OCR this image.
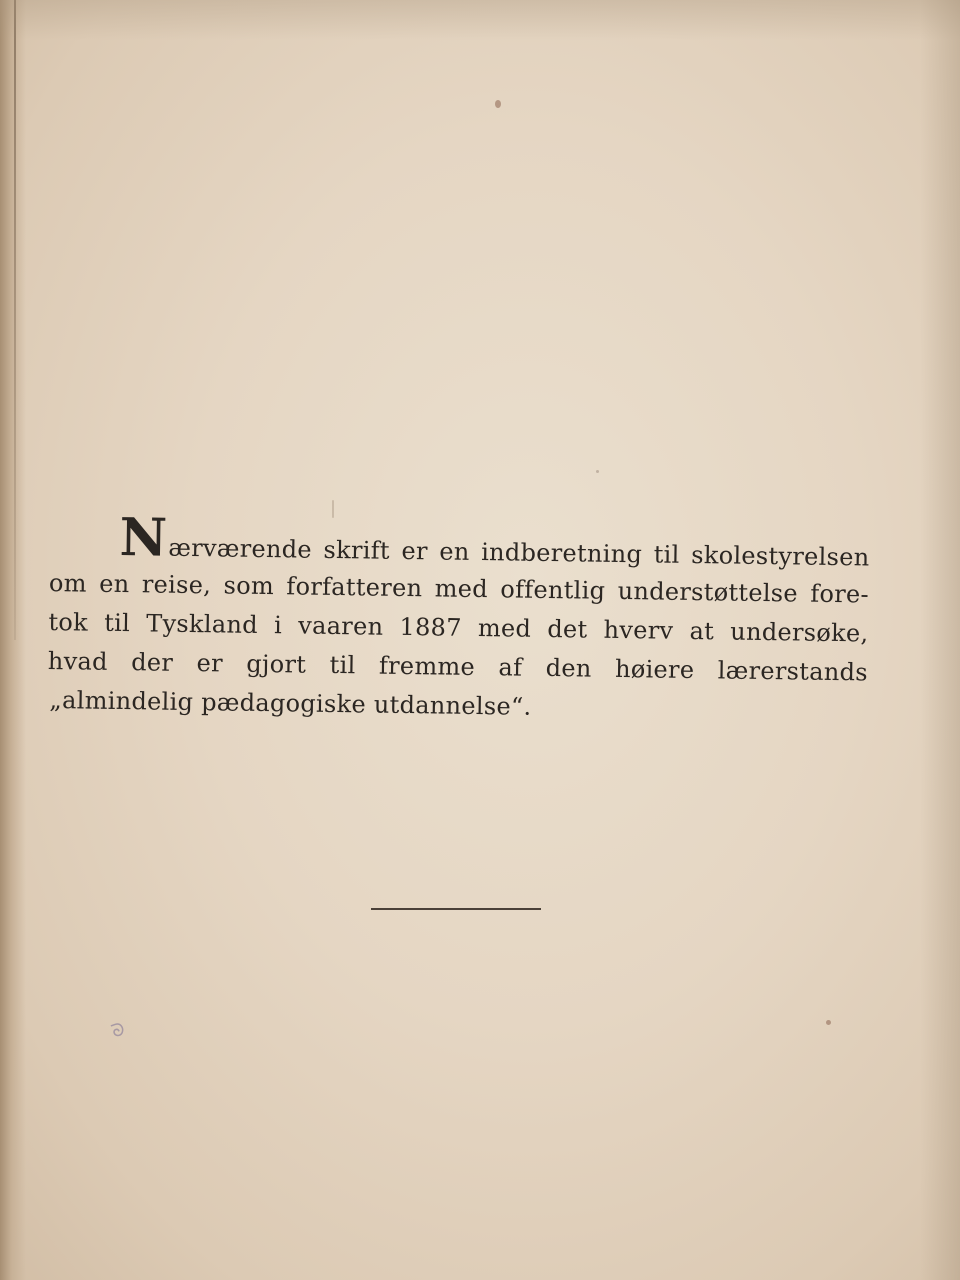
Nærværende skrift er en indberetning til skolestyrelsen
om en reise, som forfatteren med offentlig understøttelse fore-
tok til Tyskland i vaaren 1887 med det hverv at undersøke,
hvad der er gjort til fremme af den høiere lærerstands
„almindelig pædagogiske utdannelse“.
ᘐ
